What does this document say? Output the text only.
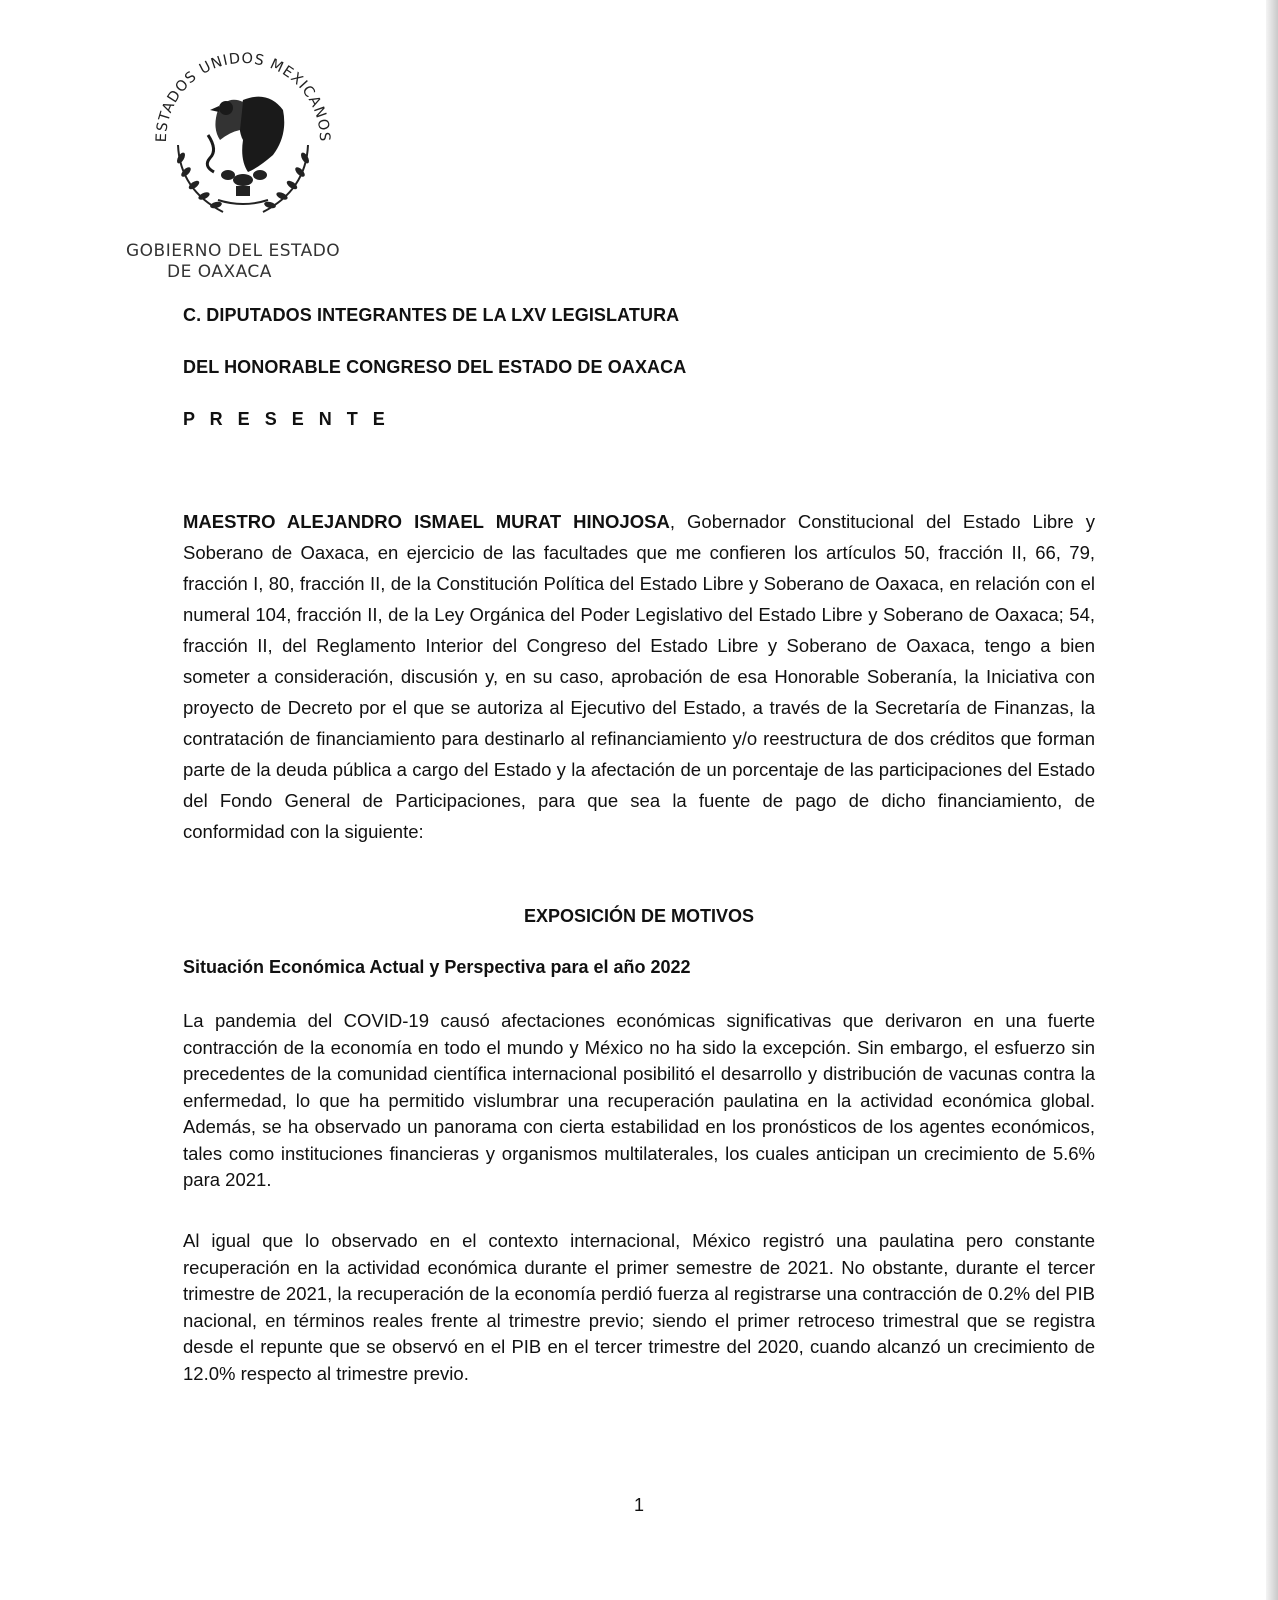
ESTADOS UNIDOS MEXICANOS
GOBIERNO DEL ESTADO
DE OAXACA
C. DIPUTADOS INTEGRANTES DE LA LXV LEGISLATURA
DEL HONORABLE CONGRESO DEL ESTADO DE OAXACA
P R E S E N T E

MAESTRO ALEJANDRO ISMAEL MURAT HINOJOSA, Gobernador Constitucional del Estado Libre y Soberano de Oaxaca, en ejercicio de las facultades que me confieren los artículos 50, fracción II, 66, 79, fracción I, 80, fracción II, de la Constitución Política del Estado Libre y Soberano de Oaxaca, en relación con el numeral 104, fracción II, de la Ley Orgánica del Poder Legislativo del Estado Libre y Soberano de Oaxaca; 54, fracción II, del Reglamento Interior del Congreso del Estado Libre y Soberano de Oaxaca, tengo a bien someter a consideración, discusión y, en su caso, aprobación de esa Honorable Soberanía, la Iniciativa con proyecto de Decreto por el que se autoriza al Ejecutivo del Estado, a través de la Secretaría de Finanzas, la contratación de financiamiento para destinarlo al refinanciamiento y/o reestructura de dos créditos que forman parte de la deuda pública a cargo del Estado y la afectación de un porcentaje de las participaciones del Estado del Fondo General de Participaciones, para que sea la fuente de pago de dicho financiamiento, de conformidad con la siguiente:

EXPOSICIÓN DE MOTIVOS
Situación Económica Actual y Perspectiva para el año 2022

La pandemia del COVID-19 causó afectaciones económicas significativas que derivaron en una fuerte contracción de la economía en todo el mundo y México no ha sido la excepción. Sin embargo, el esfuerzo sin precedentes de la comunidad científica internacional posibilitó el desarrollo y distribución de vacunas contra la enfermedad, lo que ha permitido vislumbrar una recuperación paulatina en la actividad económica global. Además, se ha observado un panorama con cierta estabilidad en los pronósticos de los agentes económicos, tales como instituciones financieras y organismos multilaterales, los cuales anticipan un crecimiento de 5.6% para 2021.

Al igual que lo observado en el contexto internacional, México registró una paulatina pero constante recuperación en la actividad económica durante el primer semestre de 2021. No obstante, durante el tercer trimestre de 2021, la recuperación de la economía perdió fuerza al registrarse una contracción de 0.2% del PIB nacional, en términos reales frente al trimestre previo; siendo el primer retroceso trimestral que se registra desde el repunte que se observó en el PIB en el tercer trimestre del 2020, cuando alcanzó un crecimiento de 12.0% respecto al trimestre previo.

1
